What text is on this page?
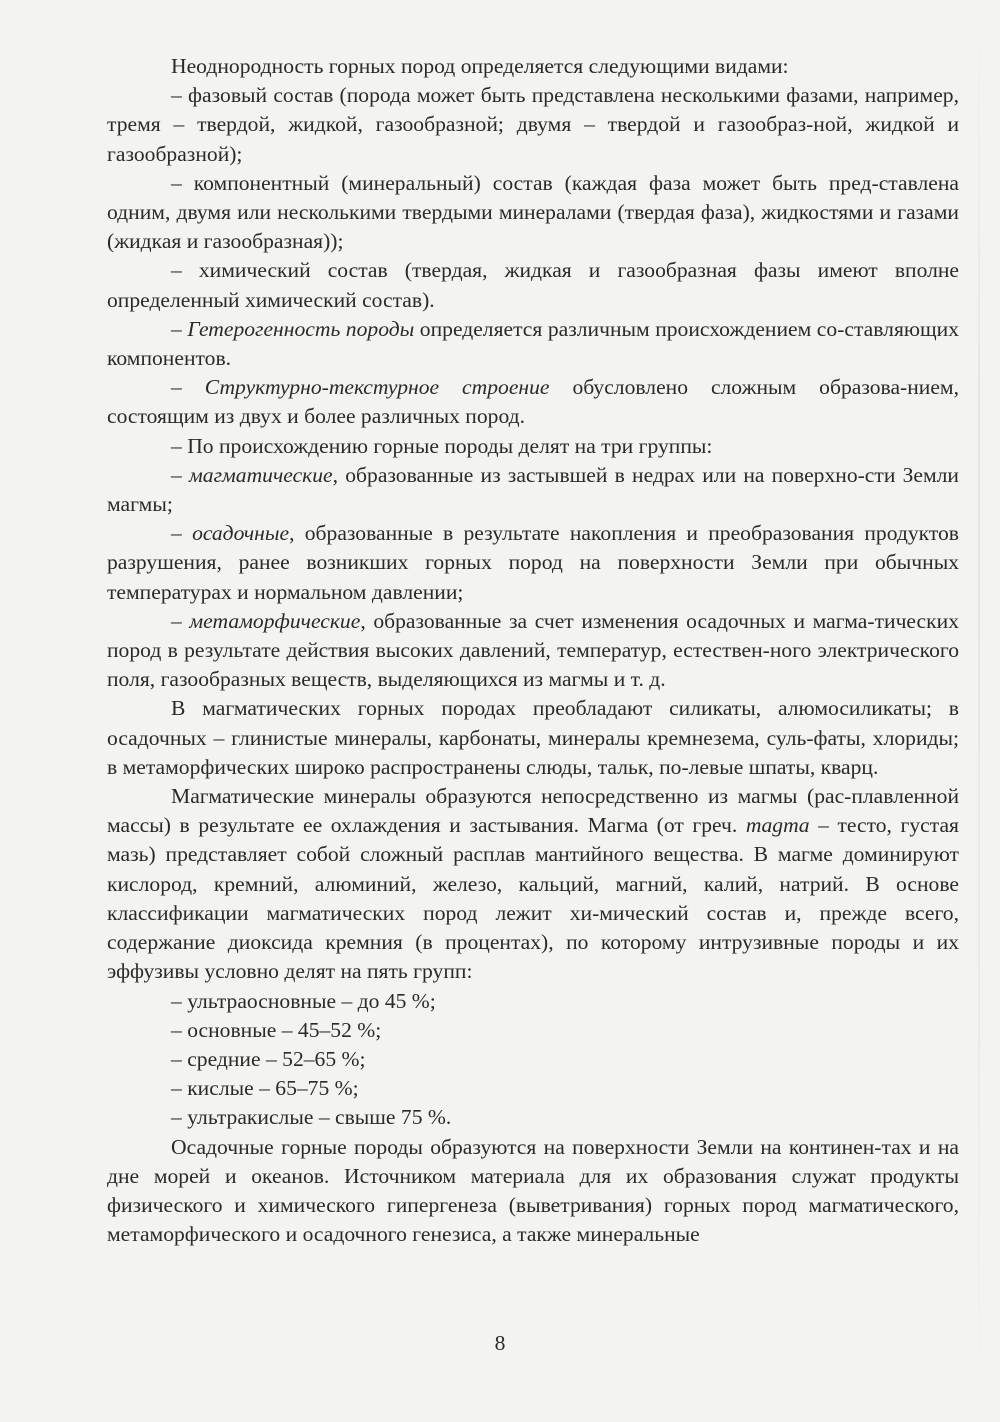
Неоднородность горных пород определяется следующими видами:

– фазовый состав (порода может быть представлена несколькими фазами, например, тремя – твердой, жидкой, газообразной; двумя – твердой и газообраз-ной, жидкой и газообразной);

– компонентный (минеральный) состав (каждая фаза может быть пред-ставлена одним, двумя или несколькими твердыми минералами (твердая фаза), жидкостями и газами (жидкая и газообразная));

– химический состав (твердая, жидкая и газообразная фазы имеют вполне определенный химический состав).

– Гетерогенность породы определяется различным происхождением со-ставляющих компонентов.

– Структурно-текстурное строение обусловлено сложным образова-нием, состоящим из двух и более различных пород.

– По происхождению горные породы делят на три группы:

– магматические, образованные из застывшей в недрах или на поверхно-сти Земли магмы;

– осадочные, образованные в результате накопления и преобразования продуктов разрушения, ранее возникших горных пород на поверхности Земли при обычных температурах и нормальном давлении;

– метаморфические, образованные за счет изменения осадочных и магма-тических пород в результате действия высоких давлений, температур, естествен-ного электрического поля, газообразных веществ, выделяющихся из магмы и т. д.

В магматических горных породах преобладают силикаты, алюмосиликаты; в осадочных – глинистые минералы, карбонаты, минералы кремнезема, суль-фаты, хлориды; в метаморфических широко распространены слюды, тальк, по-левые шпаты, кварц.

Магматические минералы образуются непосредственно из магмы (рас-плавленной массы) в результате ее охлаждения и застывания. Магма (от греч. magma – тесто, густая мазь) представляет собой сложный расплав мантийного вещества. В магме доминируют кислород, кремний, алюминий, железо, кальций, магний, калий, натрий. В основе классификации магматических пород лежит хи-мический состав и, прежде всего, содержание диоксида кремния (в процентах), по которому интрузивные породы и их эффузивы условно делят на пять групп:

– ультраосновные – до 45 %;

– основные – 45–52 %;

– средние – 52–65 %;

– кислые – 65–75 %;

– ультракислые – свыше 75 %.

Осадочные горные породы образуются на поверхности Земли на континен-тах и на дне морей и океанов. Источником материала для их образования служат продукты физического и химического гипергенеза (выветривания) горных пород магматического, метаморфического и осадочного генезиса, а также минеральные

8
